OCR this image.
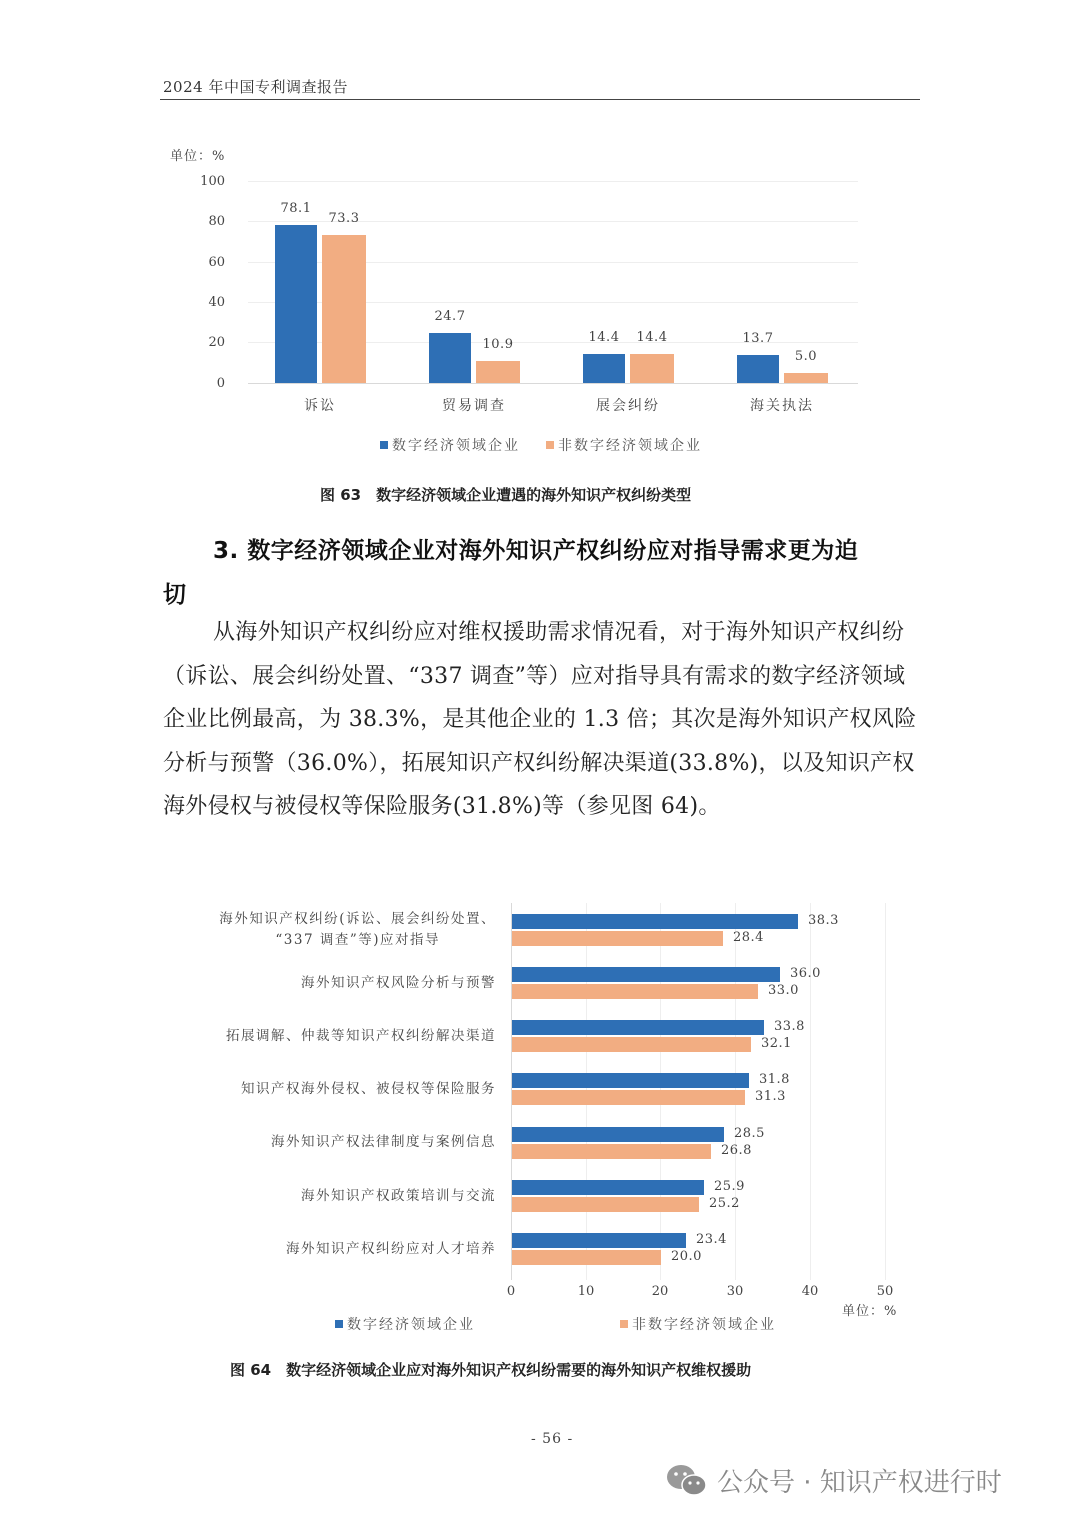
2024 年中国专利调查报告
单位：%
100
80
60
40
20
0
78.1
73.3
诉讼
24.7
10.9
贸易调查
14.4	14.4
展会纠纷
13.7
5.0
海关执法
数字经济领域企业	非数字经济领域企业
图 63　数字经济领域企业遭遇的海外知识产权纠纷类型
3. 数字经济领域企业对海外知识产权纠纷应对指导需求更为迫
切

从海外知识产权纠纷应对维权援助需求情况看，对于海外知识产权纠纷（诉讼、展会纠纷处置、“337 调查”等）应对指导具有需求的数字经济领域企业比例最高，为 38.3%，是其他企业的 1.3 倍；其次是海外知识产权风险分析与预警（36.0%），拓展知识产权纠纷解决渠道(33.8%)，以及知识产权海外侵权与被侵权等保险服务(31.8%)等（参见图 64)。

海外知识产权纠纷(诉讼、展会纠纷处置、
“337 调查”等)应对指导
38.3
28.4
海外知识产权风险分析与预警
36.0
33.0
拓展调解、仲裁等知识产权纠纷解决渠道
33.8
32.1
知识产权海外侵权、被侵权等保险服务
31.8
31.3
海外知识产权法律制度与案例信息
28.5
26.8
海外知识产权政策培训与交流
25.9
25.2
海外知识产权纠纷应对人才培养
23.4
20.0
0	10	20	30	40	50
单位：%
数字经济领域企业	非数字经济领域企业
图 64　数字经济领域企业应对海外知识产权纠纷需要的海外知识产权维权援助
- 56 -
公众号 · 知识产权进行时
